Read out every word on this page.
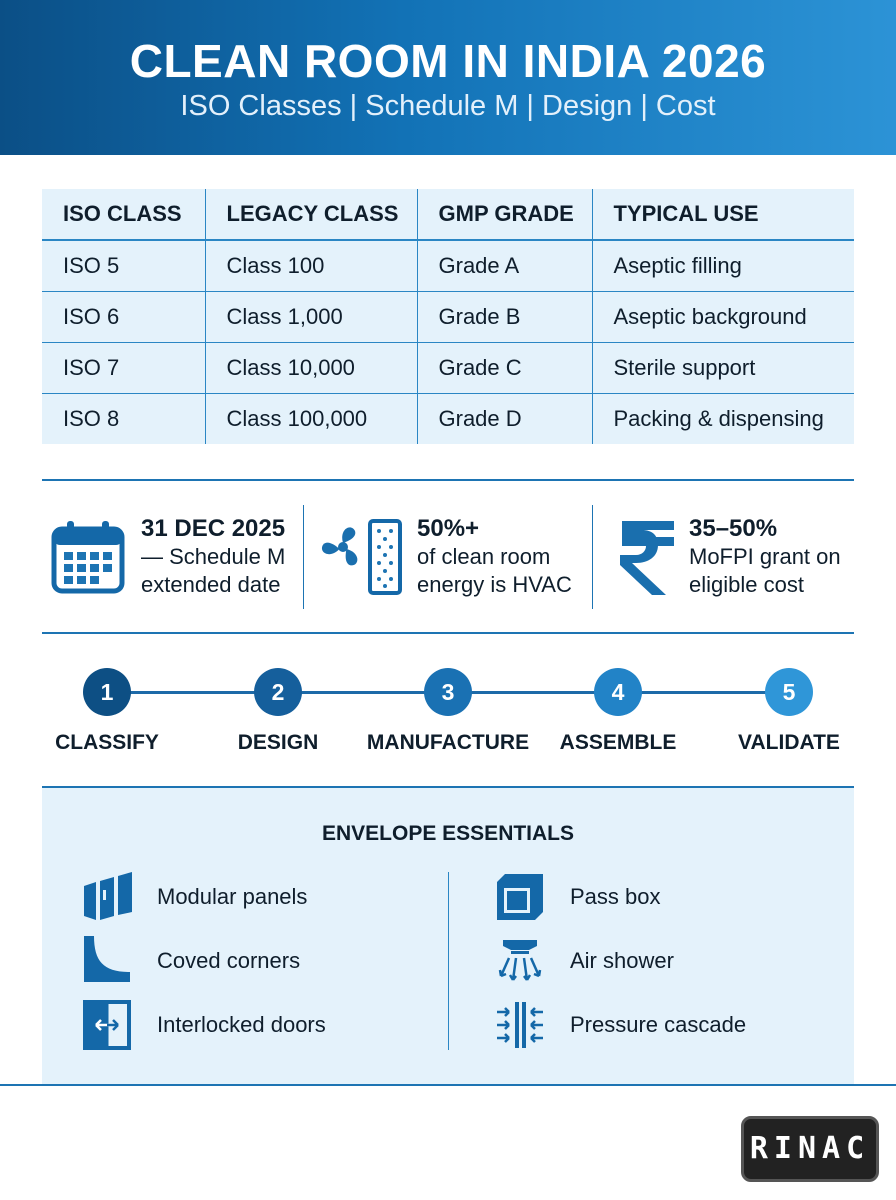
CLEAN ROOM IN INDIA 2026
ISO Classes | Schedule M | Design | Cost
ISO CLASS	LEGACY CLASS	GMP GRADE	TYPICAL USE
ISO 5	Class 100	Grade A	Aseptic filling
ISO 6	Class 1,000	Grade B	Aseptic background
ISO 7	Class 10,000	Grade C	Sterile support
ISO 8	Class 100,000	Grade D	Packing & dispensing
31 DEC 2025
— Schedule M
extended date
50%+
of clean room
energy is HVAC
35–50%
MoFPI grant on
eligible cost
1
CLASSIFY
2
DESIGN
3
MANUFACTURE
4
ASSEMBLE
5
VALIDATE
ENVELOPE ESSENTIALS
Modular panels
Coved corners
Interlocked doors
Pass box
Air shower
Pressure cascade
RINAC
